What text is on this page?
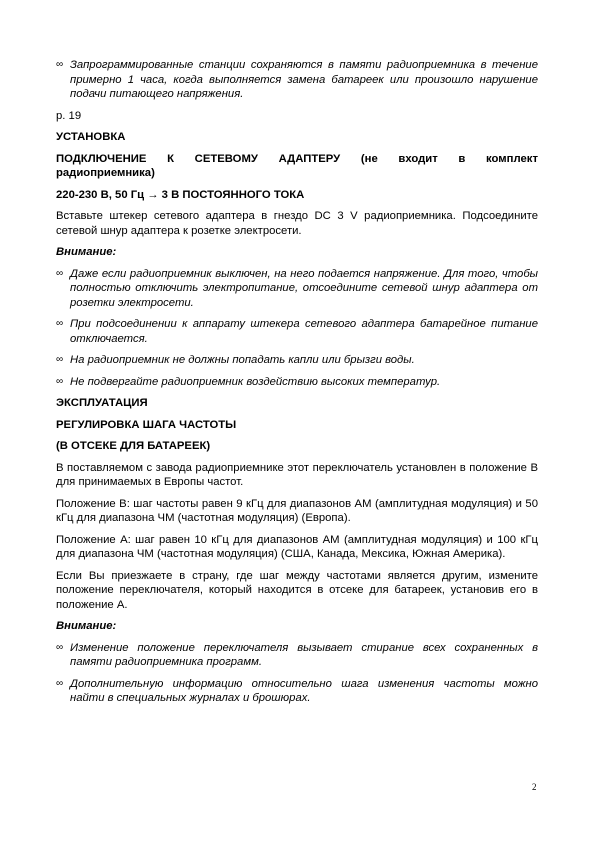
∞ Запрограммированные станции сохраняются в памяти радиоприемника в течение примерно 1 часа, когда выполняется замена батареек или произошло нарушение подачи питающего напряжения.
p. 19
УСТАНОВКА
ПОДКЛЮЧЕНИЕ К СЕТЕВОМУ АДАПТЕРУ (не входит в комплект
радиоприемника)
220-230 В, 50 Гц → 3 В ПОСТОЯННОГО ТОКА
Вставьте штекер сетевого адаптера в гнездо DC 3 V радиоприемника. Подсоедините сетевой шнур адаптера к розетке электросети.
Внимание:
∞ Даже если радиоприемник выключен, на него подается напряжение. Для того, чтобы полностью отключить электропитание, отсоедините сетевой шнур адаптера от розетки электросети.
∞ При подсоединении к аппарату штекера сетевого адаптера батарейное питание отключается.
∞ На радиоприемник не должны попадать капли или брызги воды.
∞ Не подвергайте радиоприемник воздействию высоких температур.
ЭКСПЛУАТАЦИЯ
РЕГУЛИРОВКА ШАГА ЧАСТОТЫ
(В ОТСЕКЕ ДЛЯ БАТАРЕЕК)
В поставляемом с завода радиоприемнике этот переключатель установлен в положение B для принимаемых в Европы частот.
Положение B: шаг частоты равен 9 кГц для диапазонов AM (амплитудная модуляция) и 50 кГц для диапазона ЧМ (частотная модуляция) (Европа).
Положение A: шаг равен 10 кГц для диапазонов AM (амплитудная модуляция) и 100 кГц для диапазона ЧМ (частотная модуляция) (США, Канада, Мексика, Южная Америка).
Если Вы приезжаете в страну, где шаг между частотами является другим, измените положение переключателя, который находится в отсеке для батареек, установив его в положение A.
Внимание:
∞ Изменение положение переключателя вызывает стирание всех сохраненных в памяти радиоприемника программ.
∞ Дополнительную информацию относительно шага изменения частоты можно найти в специальных журналах и брошюрах.
2
